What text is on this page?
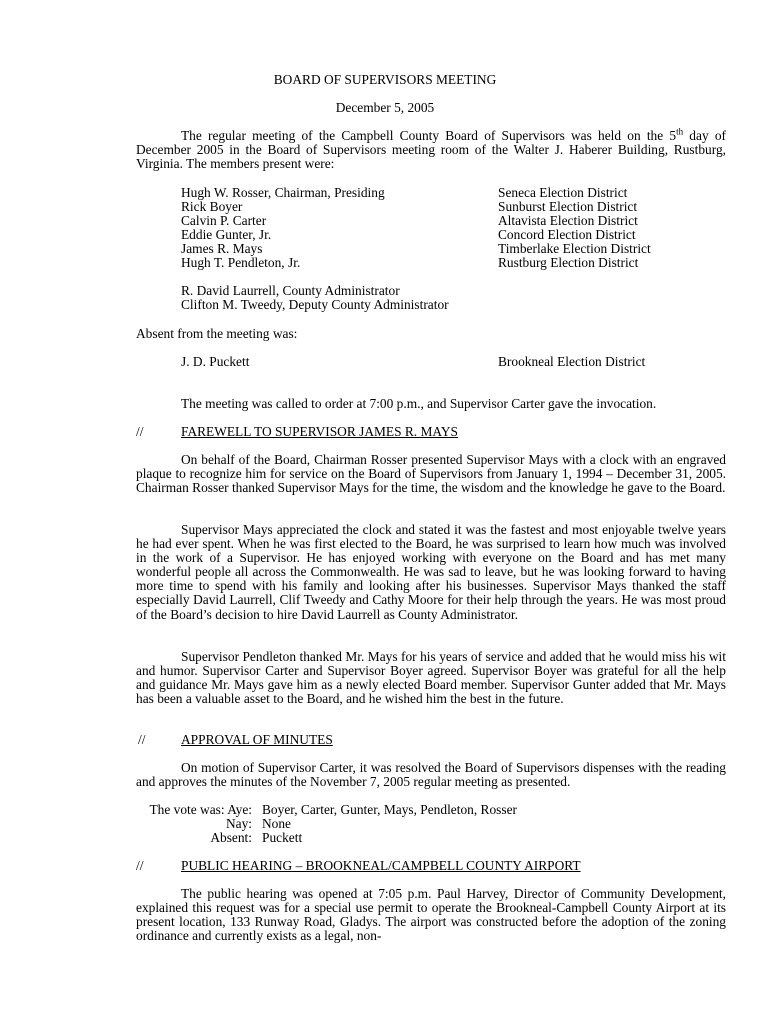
BOARD OF SUPERVISORS MEETING
December 5, 2005

The regular meeting of the Campbell County Board of Supervisors was held on the 5th day of December 2005 in the Board of Supervisors meeting room of the Walter J. Haberer Building, Rustburg, Virginia. The members present were:

Hugh W. Rosser, Chairman, Presiding	Seneca Election District
Rick Boyer	Sunburst Election District
Calvin P. Carter	Altavista Election District
Eddie Gunter, Jr.	Concord Election District
James R. Mays	Timberlake Election District
Hugh T. Pendleton, Jr.	Rustburg Election District
R. David Laurrell, County Administrator
Clifton M. Tweedy, Deputy County Administrator
Absent from the meeting was:
J. D. Puckett	Brookneal Election District
The meeting was called to order at 7:00 p.m., and Supervisor Carter gave the invocation.
//	FAREWELL TO SUPERVISOR JAMES R. MAYS

On behalf of the Board, Chairman Rosser presented Supervisor Mays with a clock with an engraved plaque to recognize him for service on the Board of Supervisors from January 1, 1994 – December 31, 2005. Chairman Rosser thanked Supervisor Mays for the time, the wisdom and the knowledge he gave to the Board.

Supervisor Mays appreciated the clock and stated it was the fastest and most enjoyable twelve years he had ever spent. When he was first elected to the Board, he was surprised to learn how much was involved in the work of a Supervisor. He has enjoyed working with everyone on the Board and has met many wonderful people all across the Commonwealth. He was sad to leave, but he was looking forward to having more time to spend with his family and looking after his businesses. Supervisor Mays thanked the staff especially David Laurrell, Clif Tweedy and Cathy Moore for their help through the years. He was most proud of the Board’s decision to hire David Laurrell as County Administrator.

Supervisor Pendleton thanked Mr. Mays for his years of service and added that he would miss his wit and humor. Supervisor Carter and Supervisor Boyer agreed. Supervisor Boyer was grateful for all the help and guidance Mr. Mays gave him as a newly elected Board member. Supervisor Gunter added that Mr. Mays has been a valuable asset to the Board, and he wished him the best in the future.

//	APPROVAL OF MINUTES

On motion of Supervisor Carter, it was resolved the Board of Supervisors dispenses with the reading and approves the minutes of the November 7, 2005 regular meeting as presented.

The vote was: Aye: Boyer, Carter, Gunter, Mays, Pendleton, Rosser
Nay: None
Absent: Puckett
//	PUBLIC HEARING – BROOKNEAL/CAMPBELL COUNTY AIRPORT

The public hearing was opened at 7:05 p.m. Paul Harvey, Director of Community Development, explained this request was for a special use permit to operate the Brookneal-Campbell County Airport at its present location, 133 Runway Road, Gladys. The airport was constructed before the adoption of the zoning ordinance and currently exists as a legal, non-
